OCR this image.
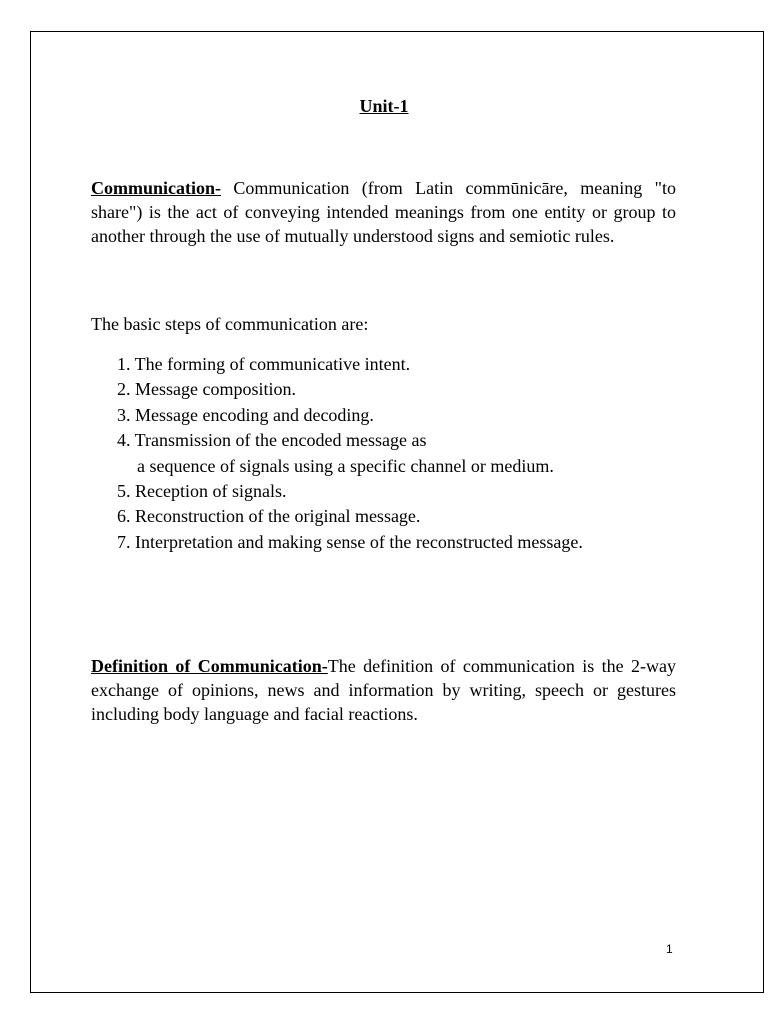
Unit-1

Communication- Communication (from Latin commūnicāre, meaning "to share") is the act of conveying intended meanings from one entity or group to another through the use of mutually understood signs and semiotic rules.

The basic steps of communication are:
1. The forming of communicative intent.
2. Message composition.
3. Message encoding and decoding.
4. Transmission of the encoded message as
a sequence of signals using a specific channel or medium.
5. Reception of signals.
6. Reconstruction of the original message.
7. Interpretation and making sense of the reconstructed message.

Definition of Communication-The definition of communication is the 2-way exchange of opinions, news and information by writing, speech or gestures including body language and facial reactions.

1
